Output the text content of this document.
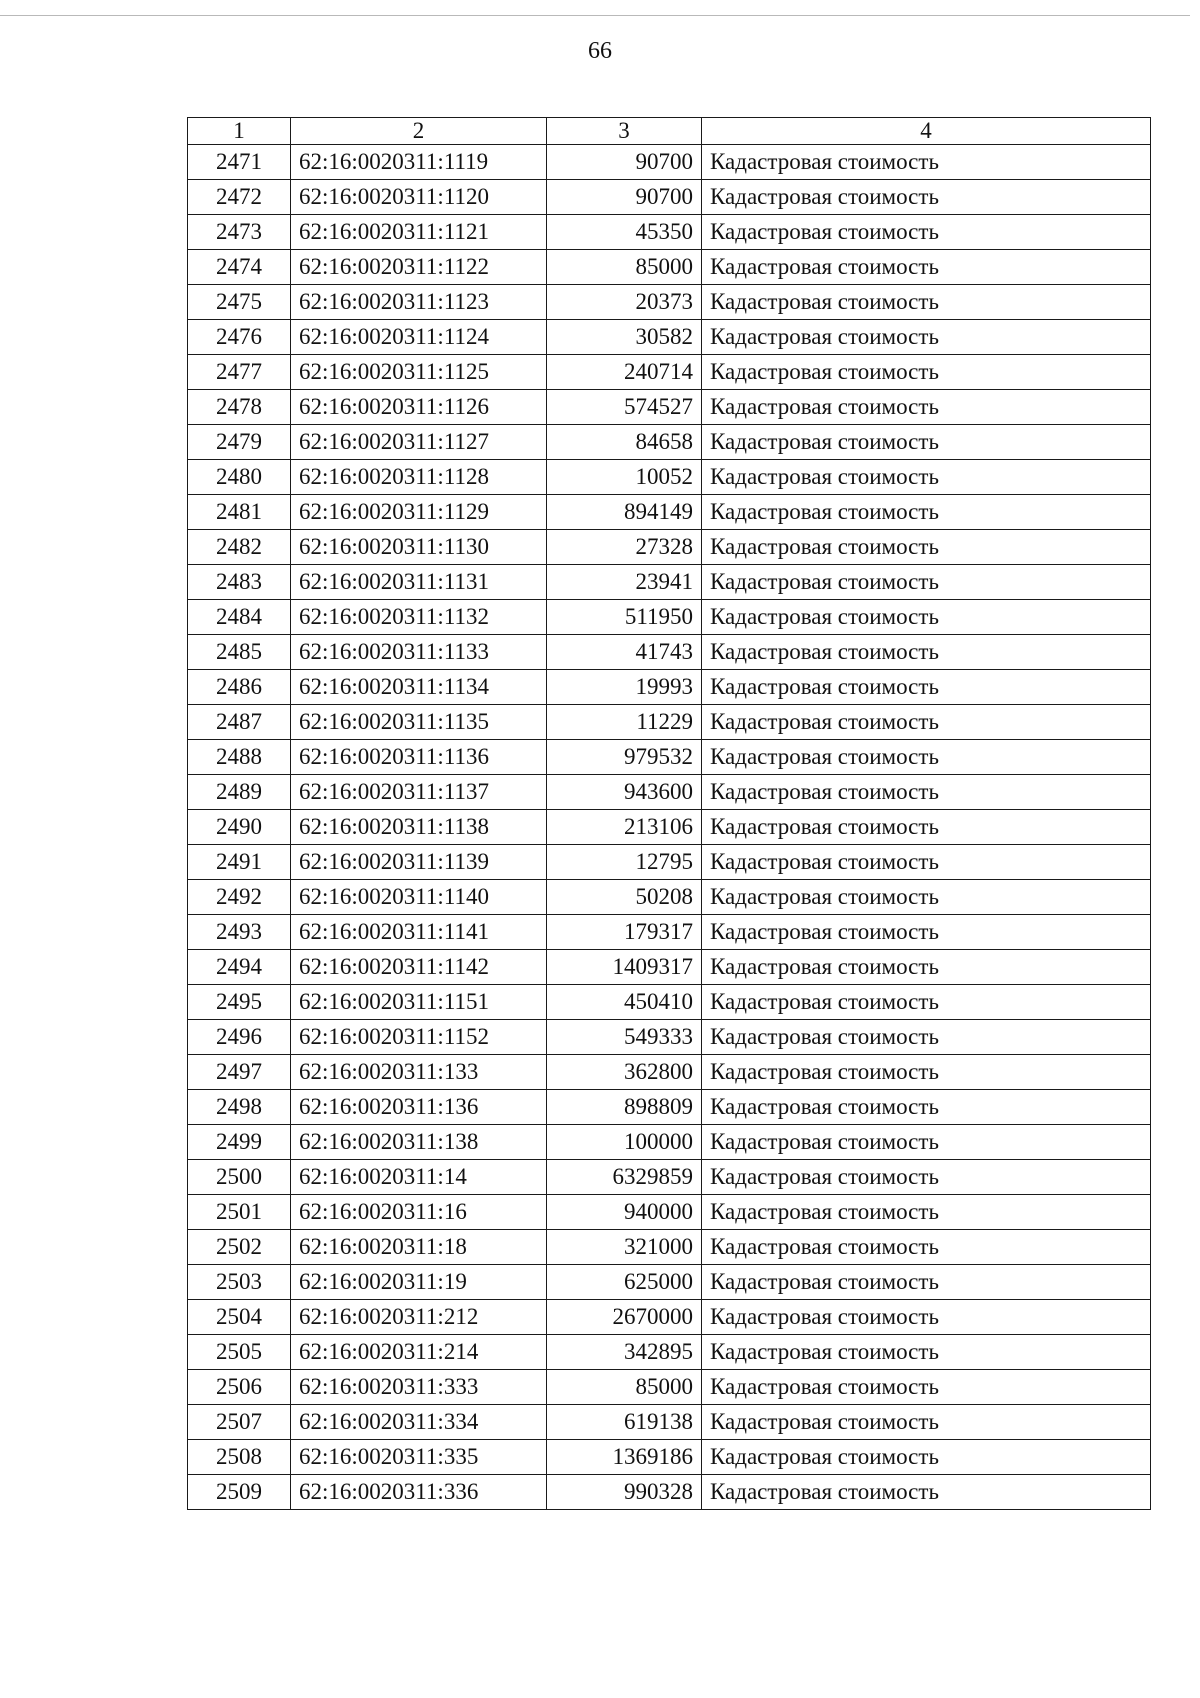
66
1	2	3	4
2471	62:16:0020311:1119	90700	Кадастровая стоимость
2472	62:16:0020311:1120	90700	Кадастровая стоимость
2473	62:16:0020311:1121	45350	Кадастровая стоимость
2474	62:16:0020311:1122	85000	Кадастровая стоимость
2475	62:16:0020311:1123	20373	Кадастровая стоимость
2476	62:16:0020311:1124	30582	Кадастровая стоимость
2477	62:16:0020311:1125	240714	Кадастровая стоимость
2478	62:16:0020311:1126	574527	Кадастровая стоимость
2479	62:16:0020311:1127	84658	Кадастровая стоимость
2480	62:16:0020311:1128	10052	Кадастровая стоимость
2481	62:16:0020311:1129	894149	Кадастровая стоимость
2482	62:16:0020311:1130	27328	Кадастровая стоимость
2483	62:16:0020311:1131	23941	Кадастровая стоимость
2484	62:16:0020311:1132	511950	Кадастровая стоимость
2485	62:16:0020311:1133	41743	Кадастровая стоимость
2486	62:16:0020311:1134	19993	Кадастровая стоимость
2487	62:16:0020311:1135	11229	Кадастровая стоимость
2488	62:16:0020311:1136	979532	Кадастровая стоимость
2489	62:16:0020311:1137	943600	Кадастровая стоимость
2490	62:16:0020311:1138	213106	Кадастровая стоимость
2491	62:16:0020311:1139	12795	Кадастровая стоимость
2492	62:16:0020311:1140	50208	Кадастровая стоимость
2493	62:16:0020311:1141	179317	Кадастровая стоимость
2494	62:16:0020311:1142	1409317	Кадастровая стоимость
2495	62:16:0020311:1151	450410	Кадастровая стоимость
2496	62:16:0020311:1152	549333	Кадастровая стоимость
2497	62:16:0020311:133	362800	Кадастровая стоимость
2498	62:16:0020311:136	898809	Кадастровая стоимость
2499	62:16:0020311:138	100000	Кадастровая стоимость
2500	62:16:0020311:14	6329859	Кадастровая стоимость
2501	62:16:0020311:16	940000	Кадастровая стоимость
2502	62:16:0020311:18	321000	Кадастровая стоимость
2503	62:16:0020311:19	625000	Кадастровая стоимость
2504	62:16:0020311:212	2670000	Кадастровая стоимость
2505	62:16:0020311:214	342895	Кадастровая стоимость
2506	62:16:0020311:333	85000	Кадастровая стоимость
2507	62:16:0020311:334	619138	Кадастровая стоимость
2508	62:16:0020311:335	1369186	Кадастровая стоимость
2509	62:16:0020311:336	990328	Кадастровая стоимость
